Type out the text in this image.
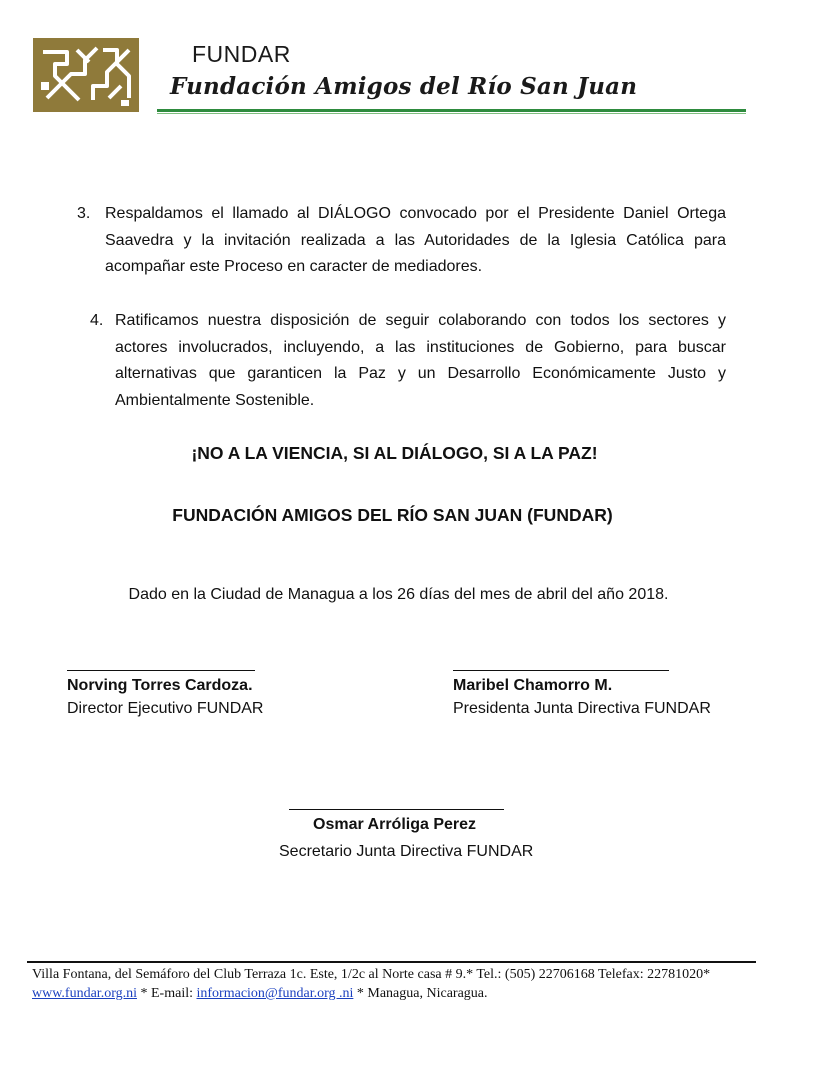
FUNDAR
Fundación Amigos del Río San Juan
3. Respaldamos el llamado al DIÁLOGO convocado por el Presidente Daniel Ortega Saavedra y la invitación realizada a las Autoridades de la Iglesia Católica para acompañar este Proceso en caracter de mediadores.
4. Ratificamos nuestra disposición de seguir colaborando con todos los sectores y actores involucrados, incluyendo, a las instituciones de Gobierno, para buscar alternativas que garanticen la Paz y un Desarrollo Económicamente Justo y Ambientalmente Sostenible.
¡NO A LA VIENCIA, SI AL DIÁLOGO, SI A LA PAZ!
FUNDACIÓN AMIGOS DEL RÍO SAN JUAN (FUNDAR)
Dado en la Ciudad de Managua a los 26 días del mes de abril del año 2018.
Norving Torres Cardoza.
Director Ejecutivo FUNDAR
Maribel Chamorro M.
Presidenta Junta Directiva FUNDAR
Osmar Arróliga Perez
Secretario Junta Directiva FUNDAR
Villa Fontana, del Semáforo del Club Terraza 1c. Este, 1/2c al Norte casa # 9.* Tel.: (505) 22706168 Telefax: 22781020*
www.fundar.org.ni * E-mail: informacion@fundar.org .ni * Managua, Nicaragua.
